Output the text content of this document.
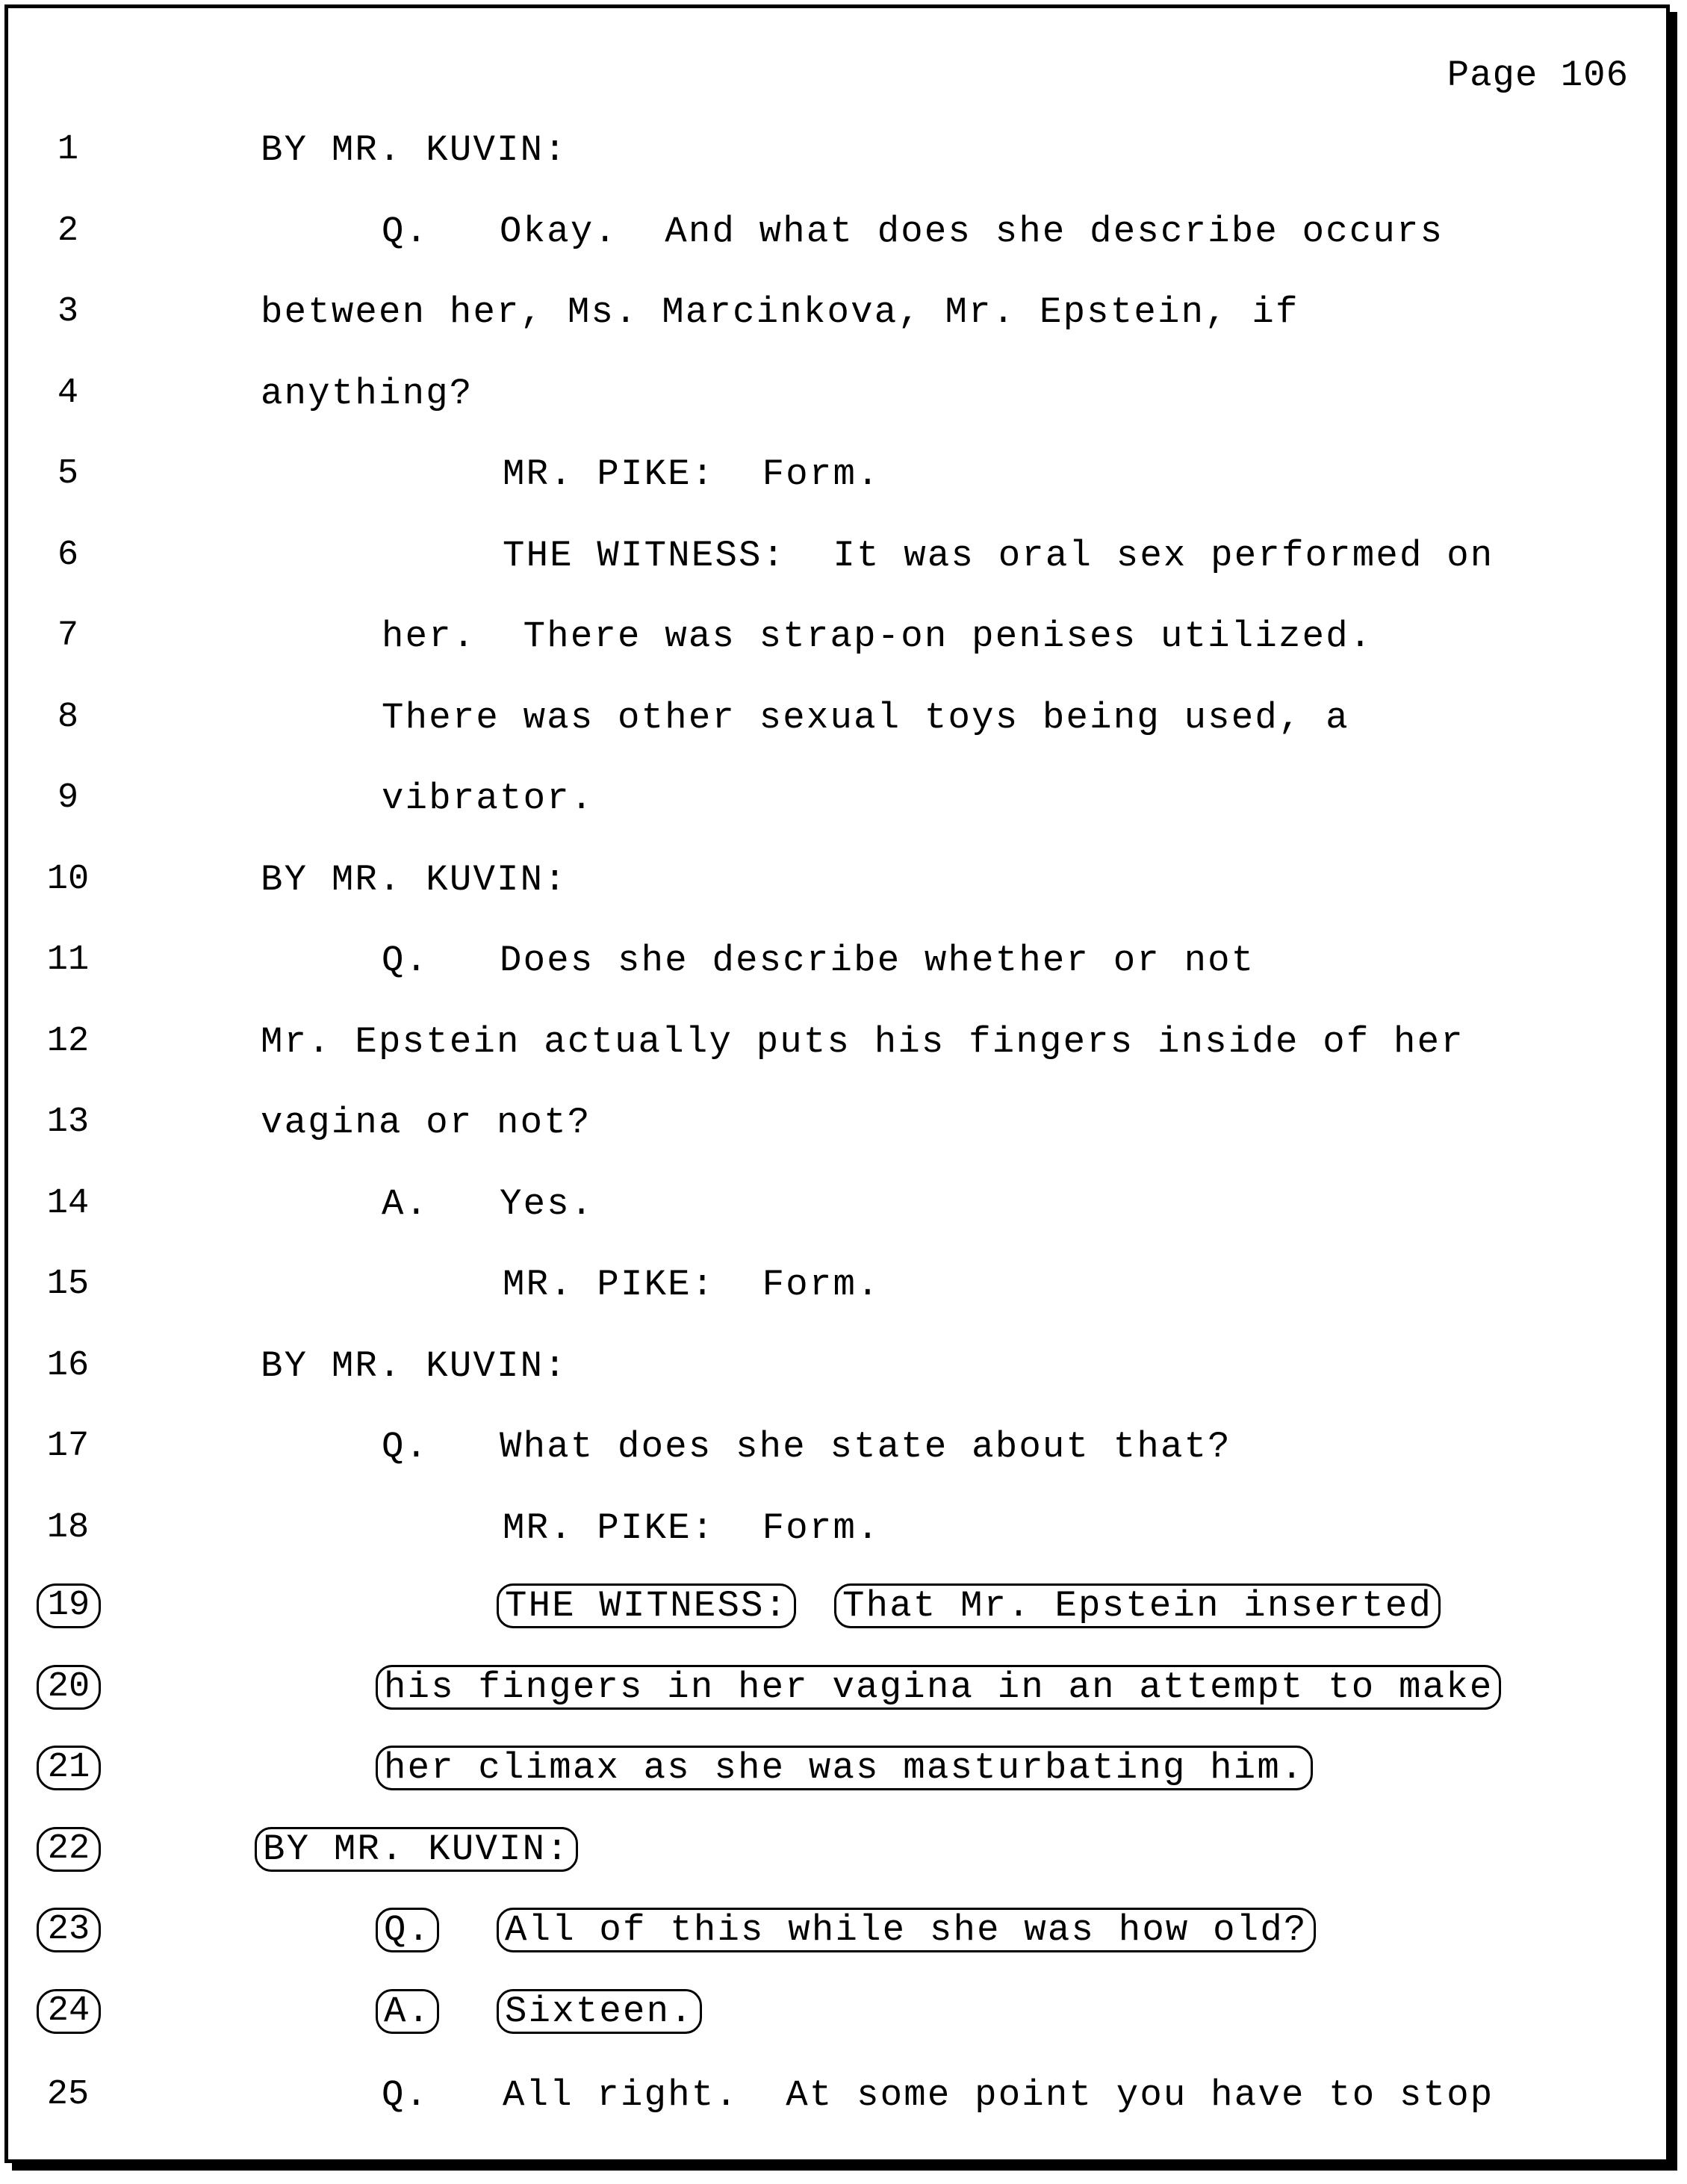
Page 106
1	BY MR. KUVIN:
2	Q.   Okay.  And what does she describe occurs
3	between her, Ms. Marcinkova, Mr. Epstein, if
4	anything?
5	MR. PIKE:  Form.
6	THE WITNESS:  It was oral sex performed on
7	her.  There was strap-on penises utilized.
8	There was other sexual toys being used, a
9	vibrator.
10	BY MR. KUVIN:
11	Q.   Does she describe whether or not
12	Mr. Epstein actually puts his fingers inside of her
13	vagina or not?
14	A.   Yes.
15	MR. PIKE:  Form.
16	BY MR. KUVIN:
17	Q.   What does she state about that?
18	MR. PIKE:  Form.
19	THE WITNESS: That Mr. Epstein inserted
20	his fingers in her vagina in an attempt to make
21	her climax as she was masturbating him.
22	BY MR. KUVIN:
23	Q. All of this while she was how old?
24	A. Sixteen.
25	Q. All right.  At some point you have to stop
